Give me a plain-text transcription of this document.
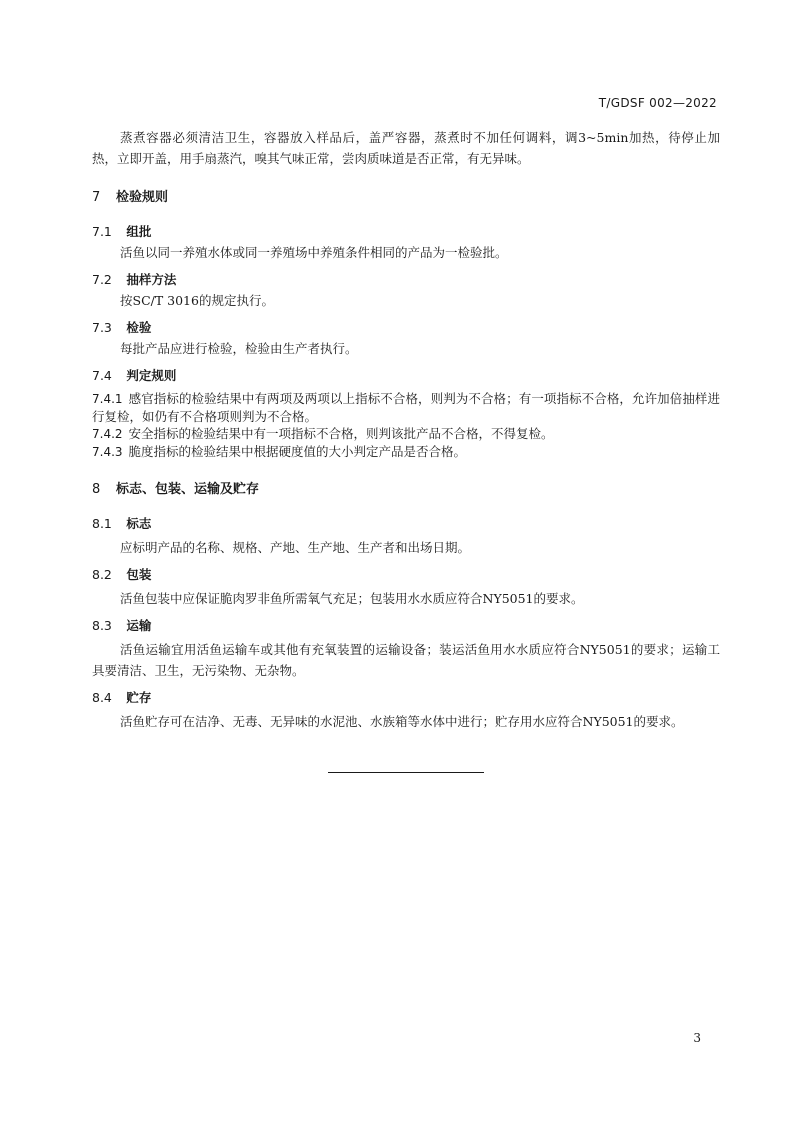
T/GDSF 002—2022

蒸煮容器必须清洁卫生，容器放入样品后，盖严容器，蒸煮时不加任何调料，调3~5min加热，待停止加热，立即开盖，用手扇蒸汽，嗅其气味正常，尝肉质味道是否正常，有无异味。

7 检验规则
7.1 组批

活鱼以同一养殖水体或同一养殖场中养殖条件相同的产品为一检验批。

7.2 抽样方法

按SC/T 3016的规定执行。

7.3 检验

每批产品应进行检验，检验由生产者执行。

7.4 判定规则

7.4.1 感官指标的检验结果中有两项及两项以上指标不合格，则判为不合格；有一项指标不合格，允许加倍抽样进行复检，如仍有不合格项则判为不合格。

7.4.2 安全指标的检验结果中有一项指标不合格，则判该批产品不合格，不得复检。

7.4.3 脆度指标的检验结果中根据硬度值的大小判定产品是否合格。

8 标志、包装、运输及贮存
8.1 标志

应标明产品的名称、规格、产地、生产地、生产者和出场日期。

8.2 包装

活鱼包装中应保证脆肉罗非鱼所需氧气充足；包装用水水质应符合NY5051的要求。

8.3 运输

活鱼运输宜用活鱼运输车或其他有充氧装置的运输设备；装运活鱼用水水质应符合NY5051的要求；运输工具要清洁、卫生，无污染物、无杂物。

8.4 贮存

活鱼贮存可在洁净、无毒、无异味的水泥池、水族箱等水体中进行；贮存用水应符合NY5051的要求。

3
